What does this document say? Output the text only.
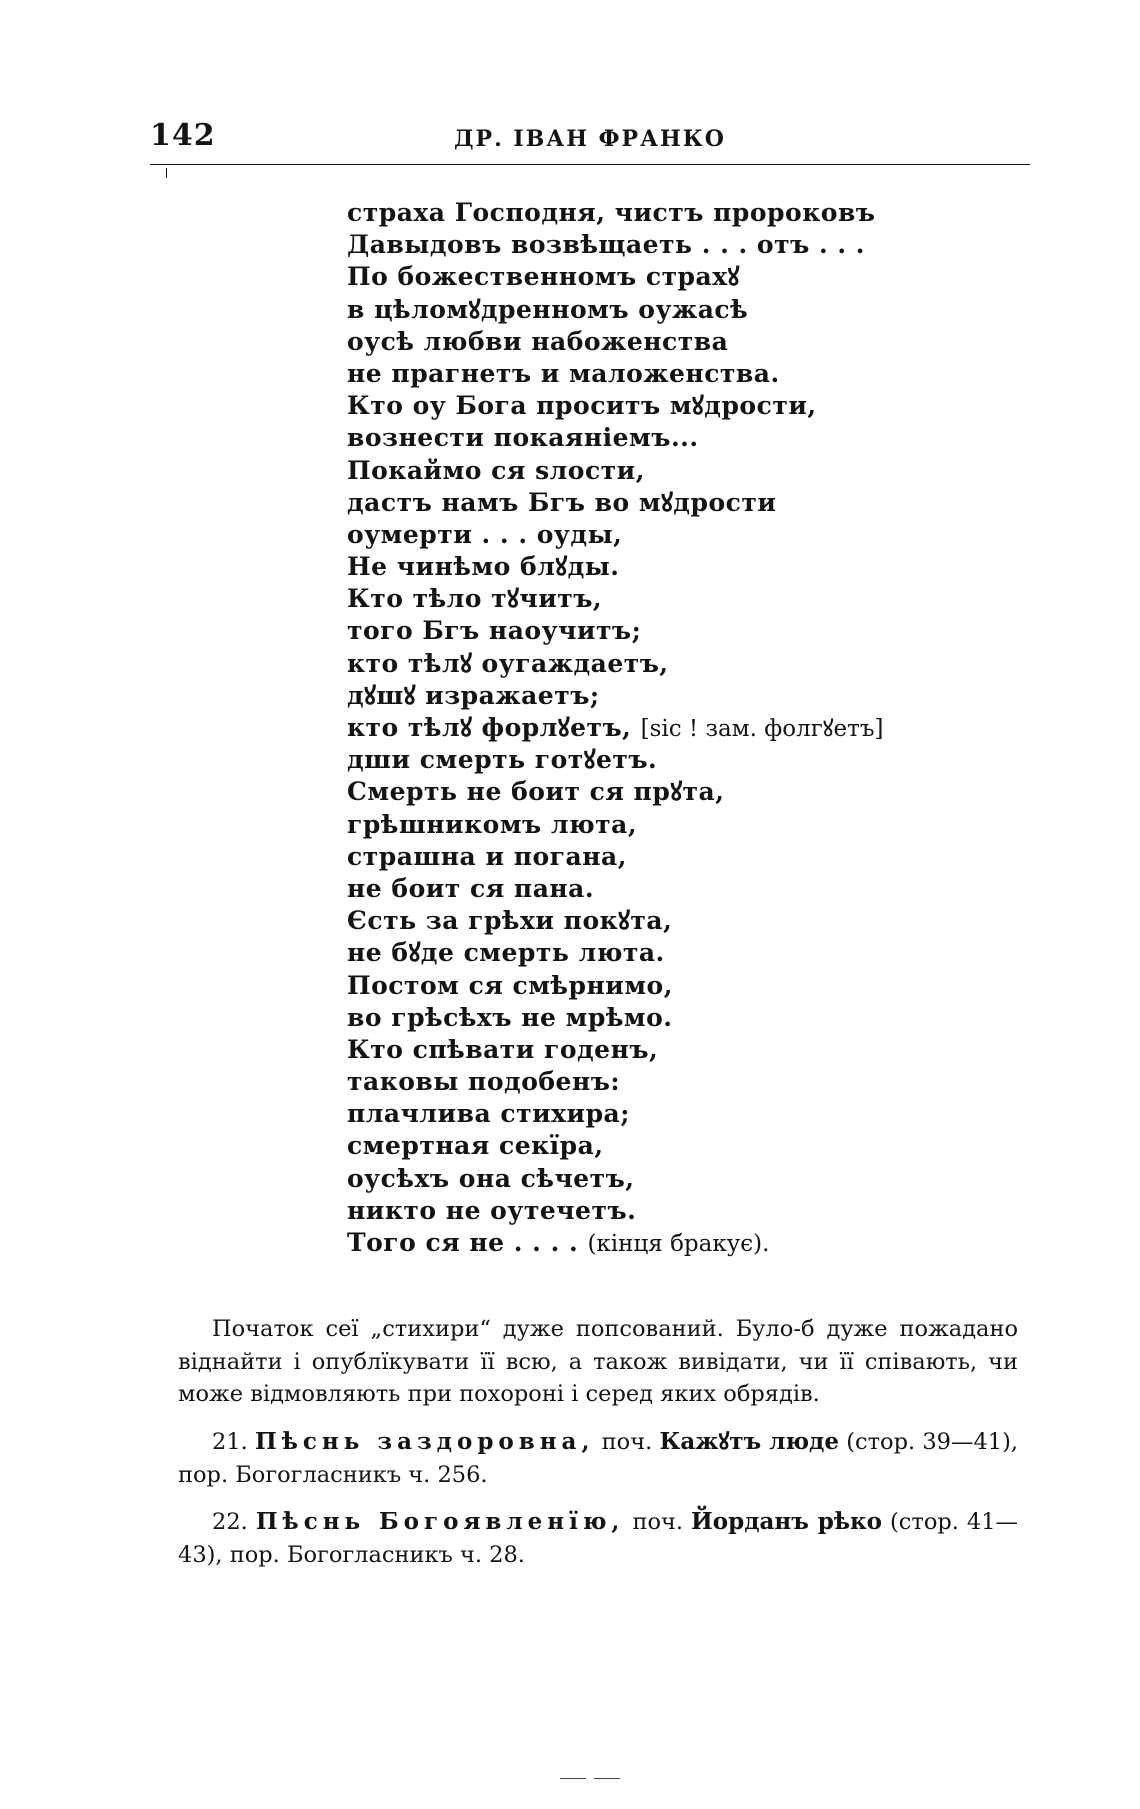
142	ДР. ІВАН ФРАНКО
страха Господня, чистъ пророковъ
Давыдовъ возвѣщаеть . . . отъ . . .
По божественномъ страхꙋ
в цѣломꙋдренномъ оужасѣ
оусѣ любви набоженства
не прагнетъ и маложенства.
Кто оу Бога проситъ мꙋдрости,
вознести покаянiемъ...
Покаймо ся ѕлости,
дастъ намъ Бгъ во мꙋдрости
оумерти . . . оуды,
Не чинѣмо блꙋды.
Кто тѣло тꙋчитъ,
того Бгъ наоучитъ;
кто тѣлꙋ оугаждаетъ,
дꙋшꙋ изражаетъ;
кто тѣлꙋ форлꙋетъ, [sic ! зам. фолгꙋетъ]
дши смерть готꙋетъ.
Смерть не боит ся прꙋта,
грѣшникомъ люта,
страшна и погана,
не боит ся пана.
Єсть за грѣхи покꙋта,
не бꙋде смерть люта.
Постом ся смѣрнимо,
во грѣсѣхъ не мрѣмо.
Кто спѣвати годенъ,
таковы подобенъ:
плачлива стихира;
смертная секїра,
оусѣхъ она сѣчетъ,
никто не оутечетъ.
Того ся не . . . . (кінця бракує).

Початок сеї „стихири“ дуже попсований. Було-б дуже пожадано віднайти і опублїкувати її всю, а також вивідати, чи її співають, чи може відмовляють при похороні і серед яких обрядів.

21. Пѣснь заздоровна, поч. Кажꙋтъ люде (стор. 39—41), пор. Богогласникъ ч. 256.

22. Пѣснь Богоявленїю, поч. Йорданъ рѣко (стор. 41—43), пор. Богогласникъ ч. 28.
